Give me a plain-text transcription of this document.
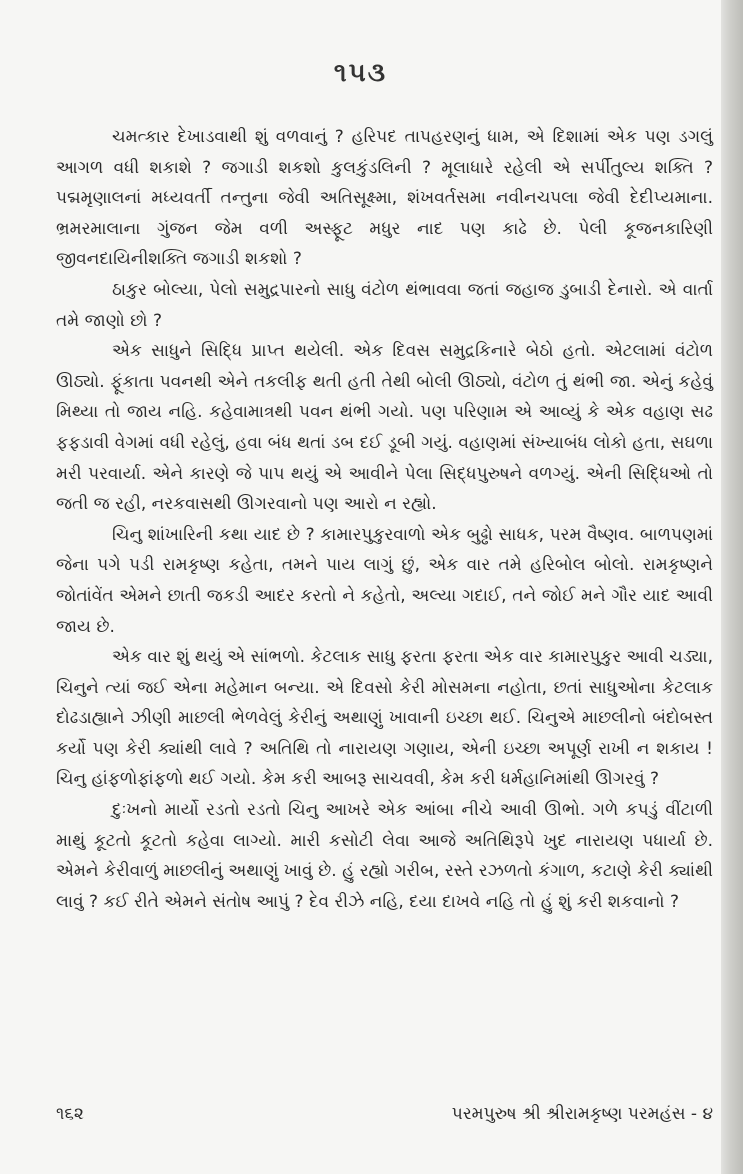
૧૫૩

ચમત્કાર દેખાડવાથી શું વળવાનું ? હરિપદ તાપહરણનું ધામ, એ દિશામાં એક પણ ડગલું આગળ વધી શકાશે ? જગાડી શકશો કુલકુંડલિની ? મૂલાધારે રહેલી એ સર્પીતુલ્ય શક્તિ ? પદ્મમૃણાલનાં મધ્યવર્તી તન્તુના જેવી અતિસૂક્ષ્મા, શંખવર્તસમા નવીનચપલા જેવી દેદીપ્યમાના. ભ્રમરમાલાના ગુંજન જેમ વળી અસ્ફૂટ મધુર નાદ પણ કાઢે છે. પેલી કૂજનકારિણી જીવનદાયિનીશક્તિ જગાડી શકશો ?

ઠાકુર બોલ્યા, પેલો સમુદ્રપારનો સાધુ વંટોળ થંભાવવા જતાં જહાજ ડુબાડી દેનારો. એ વાર્તા તમે જાણો છો ?

એક સાધુને સિદ્ધિ પ્રાપ્ત થયેલી. એક દિવસ સમુદ્રકિનારે બેઠો હતો. એટલામાં વંટોળ ઊઠ્યો. ફૂંકાતા પવનથી એને તકલીફ થતી હતી તેથી બોલી ઊઠ્યો, વંટોળ તું થંભી જા. એનું કહેવું મિથ્યા તો જાય નહિ. કહેવામાત્રથી પવન થંભી ગયો. પણ પરિણામ એ આવ્યું કે એક વહાણ સઢ ફફડાવી વેગમાં વધી રહેલું, હવા બંધ થતાં ડબ દઈ ડૂબી ગયું. વહાણમાં સંખ્યાબંધ લોકો હતા, સઘળા મરી પરવાર્યા. એને કારણે જે પાપ થયું એ આવીને પેલા સિદ્ધપુરુષને વળગ્યું. એની સિદ્ધિઓ તો જતી જ રહી, નરકવાસથી ઊગરવાનો પણ આરો ન રહ્યો.

ચિનુ શાંખારિની કથા યાદ છે ? કામારપુકુરવાળો એક બુઢ્ઢો સાધક, પરમ વૈષ્ણવ. બાળપણમાં જેના પગે પડી રામકૃષ્ણ કહેતા, તમને પાય લાગું છું, એક વાર તમે હરિબોલ બોલો. રામકૃષ્ણને જોતાંવેંત એમને છાતી જકડી આદર કરતો ને કહેતો, અલ્યા ગદાઈ, તને જોઈ મને ગૌર યાદ આવી જાય છે.

એક વાર શું થયું એ સાંભળો. કેટલાક સાધુ ફરતા ફરતા એક વાર કામારપુકુર આવી ચડ્યા, ચિનુને ત્યાં જઈ એના મહેમાન બન્યા. એ દિવસો કેરી મોસમના નહોતા, છતાં સાધુઓના કેટલાક દોઢડાહ્યાને ઝીણી માછલી ભેળવેલું કેરીનું અથાણું ખાવાની ઇચ્છા થઈ. ચિનુએ માછલીનો બંદોબસ્ત કર્યો પણ કેરી ક્યાંથી લાવે ? અતિથિ તો નારાયણ ગણાય, એની ઇચ્છા અપૂર્ણ રાખી ન શકાય ! ચિનુ હાંફળોફાંફળો થઈ ગયો. કેમ કરી આબરૂ સાચવવી, કેમ કરી ધર્મહાનિમાંથી ઊગરવું ?

દુઃખનો માર્યો રડતો રડતો ચિનુ આખરે એક આંબા નીચે આવી ઊભો. ગળે કપડું વીંટાળી માથું કૂટતો કૂટતો કહેવા લાગ્યો. મારી કસોટી લેવા આજે અતિથિરૂપે ખુદ નારાયણ પધાર્યા છે. એમને કેરીવાળું માછલીનું અથાણું ખાવું છે. હું રહ્યો ગરીબ, રસ્તે રઝળતો કંગાળ, કટાણે કેરી ક્યાંથી લાવું ? કઈ રીતે એમને સંતોષ આપું ? દેવ રીઝે નહિ, દયા દાખવે નહિ તો હું શું કરી શકવાનો ?

૧૬૨	પરમપુરુષ શ્રી શ્રીરામકૃષ્ણ પરમહંસ - ૪
